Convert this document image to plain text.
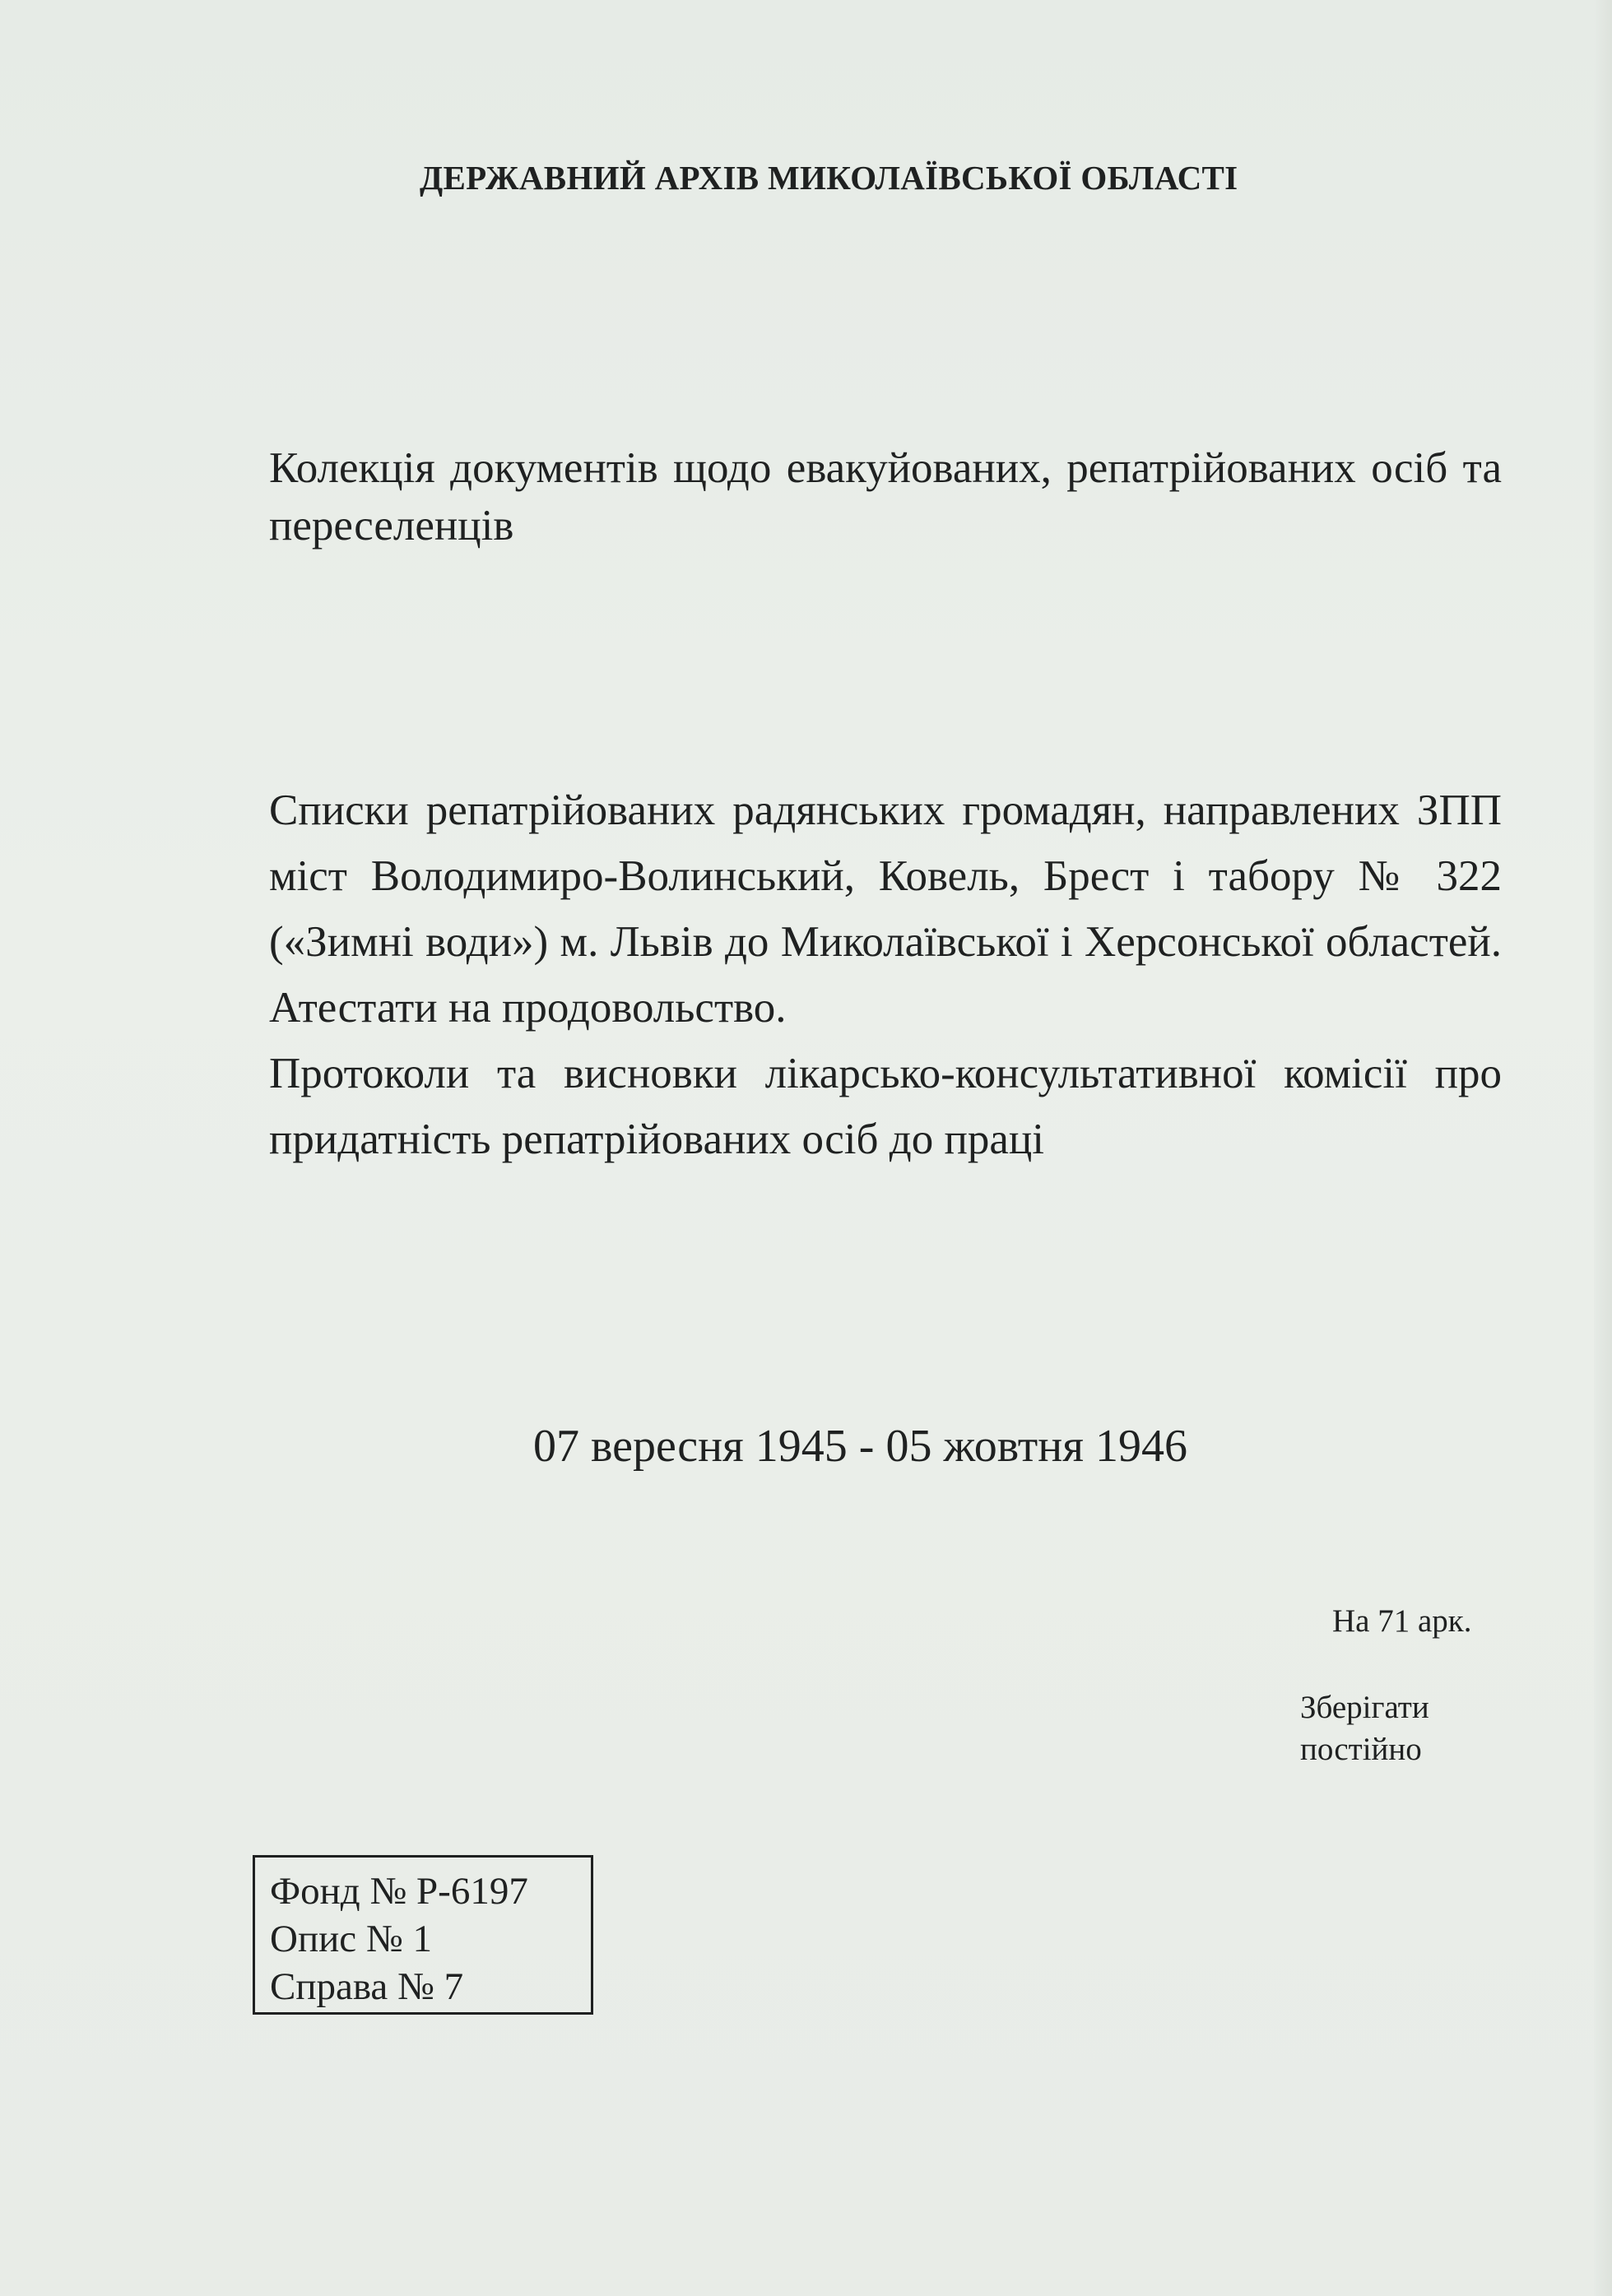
ДЕРЖАВНИЙ АРХІВ МИКОЛАЇВСЬКОЇ ОБЛАСТІ
Колекція документів щодо евакуйованих, репатрійованих осіб та переселенців

Списки репатрійованих радянських громадян, направлених ЗПП міст Володимиро-Волинський, Ковель, Брест і табору № 322 («Зимні води») м. Львів до Миколаївської і Херсонської областей. Атестати на продовольство.

Протоколи та висновки лікарсько-консультативної комісії про придатність репатрійованих осіб до праці

07 вересня 1945 - 05 жовтня 1946
На 71 арк.
Зберігати
постійно
Фонд № Р-6197
Опис № 1
Справа № 7
